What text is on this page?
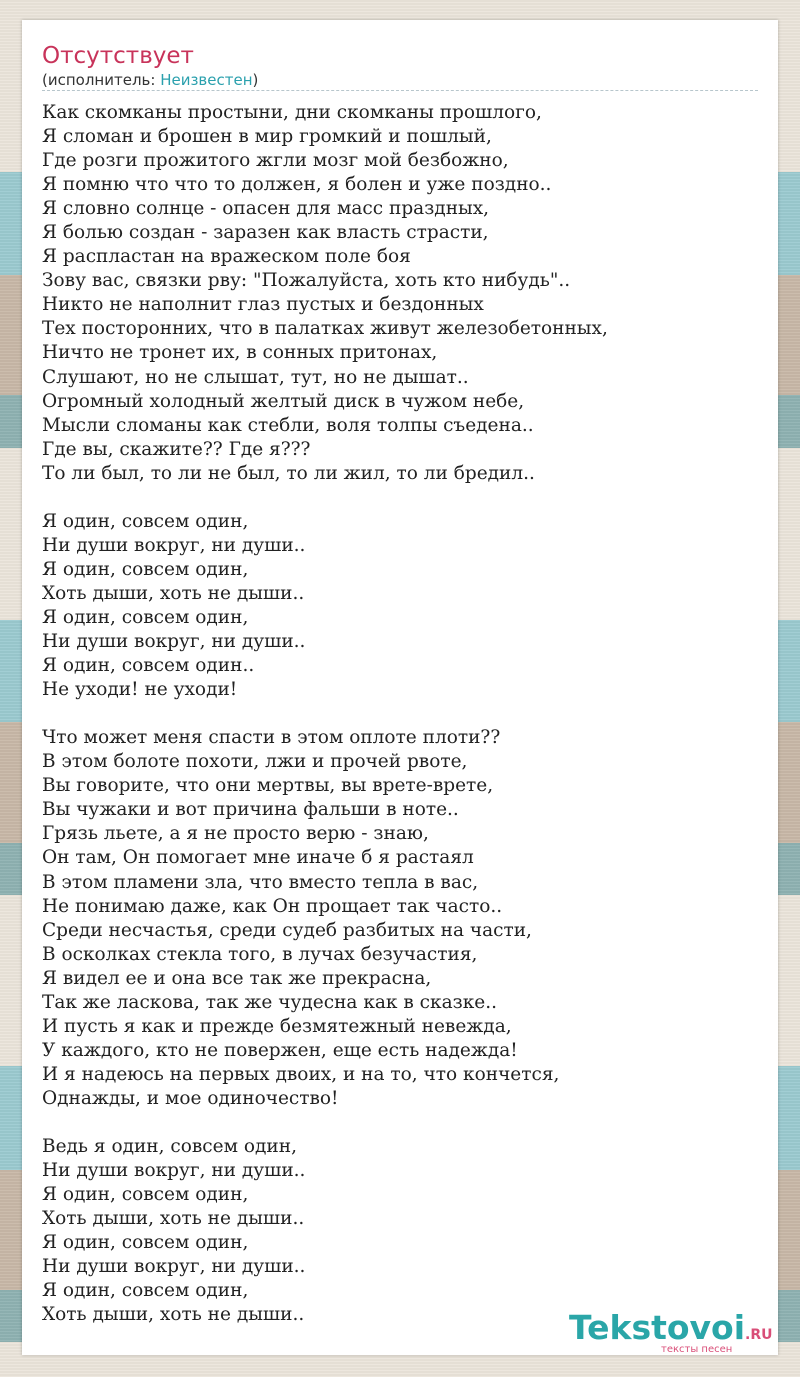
Отсутствует
(исполнитель: Неизвестен)
Как скомканы простыни, дни скомканы прошлого,
Я сломан и брошен в мир громкий и пошлый,
Где розги прожитого жгли мозг мой безбожно,
Я помню что что то должен, я болен и уже поздно..
Я словно солнце - опасен для масс праздных,
Я болью создан - заразен как власть страсти,
Я распластан на вражеском поле боя
Зову вас, связки рву: "Пожалуйста, хоть кто нибудь"..
Никто не наполнит глаз пустых и бездонных
Тех посторонних, что в палатках живут железобетонных,
Ничто не тронет их, в сонных притонах,
Слушают, но не слышат, тут, но не дышат..
Огромный холодный желтый диск в чужом небе,
Мысли сломаны как стебли, воля толпы съедена..
Где вы, скажите?? Где я???
То ли был, то ли не был, то ли жил, то ли бредил..
Я один, совсем один,
Ни души вокруг, ни души..
Я один, совсем один,
Хоть дыши, хоть не дыши..
Я один, совсем один,
Ни души вокруг, ни души..
Я один, совсем один..
Не уходи! не уходи!
Что может меня спасти в этом оплоте плоти??
В этом болоте похоти, лжи и прочей рвоте,
Вы говорите, что они мертвы, вы врете-врете,
Вы чужаки и вот причина фальши в ноте..
Грязь льете, а я не просто верю - знаю,
Он там, Он помогает мне иначе б я растаял
В этом пламени зла, что вместо тепла в вас,
Не понимаю даже, как Он прощает так часто..
Среди несчастья, среди судеб разбитых на части,
В осколках стекла того, в лучах безучастия,
Я видел ее и она все так же прекрасна,
Так же ласкова, так же чудесна как в сказке..
И пусть я как и прежде безмятежный невежда,
У каждого, кто не повержен, еще есть надежда!
И я надеюсь на первых двоих, и на то, что кончется,
Однажды, и мое одиночество!
Ведь я один, совсем один,
Ни души вокруг, ни души..
Я один, совсем один,
Хоть дыши, хоть не дыши..
Я один, совсем один,
Ни души вокруг, ни души..
Я один, совсем один,
Хоть дыши, хоть не дыши..	Tekstovoi.RU
тексты песен
